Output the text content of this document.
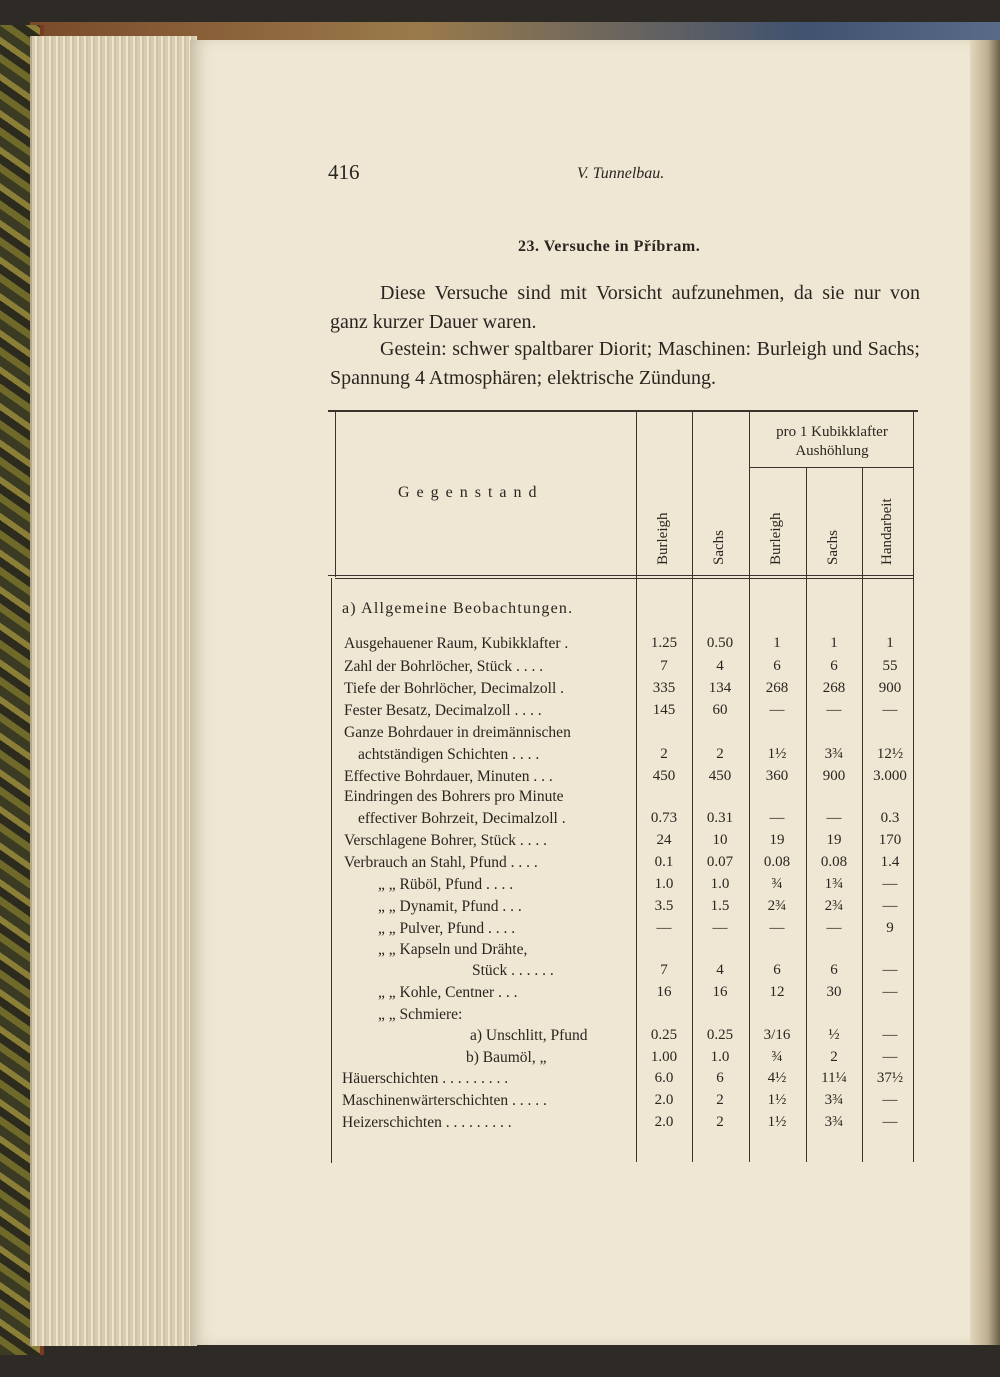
416	V. Tunnelbau.
23. Versuche in Příbram.

Diese Versuche sind mit Vorsicht aufzunehmen, da sie nur von ganz kurzer Dauer waren.

Gestein: schwer spaltbarer Diorit; Maschinen: Burleigh und Sachs; Spannung 4 Atmosphären; elektrische Zündung.

Gegenstand
pro 1 Kubikklafter Aushöhlung
Burleigh	Sachs	Burleigh	Sachs	Handarbeit
a) Allgemeine Beobachtungen.
Ausgehauener Raum, Kubikklafter .	1.25	0.50	1	1	1
Zahl der Bohrlöcher, Stück . . . .	7	4	6	6	55
Tiefe der Bohrlöcher, Decimalzoll .	335	134	268	268	900
Fester Besatz, Decimalzoll . . . .	145	60	—	—	—
Ganze Bohrdauer in dreimännischen
achtständigen Schichten . . . .	2	2	1½	3¾	12½
Effective Bohrdauer, Minuten . . .	450	450	360	900	3.000
Eindringen des Bohrers pro Minute
effectiver Bohrzeit, Decimalzoll .	0.73	0.31	—	—	0.3
Verschlagene Bohrer, Stück . . . .	24	10	19	19	170
Verbrauch an Stahl, Pfund . . . .	0.1	0.07	0.08	0.08	1.4
„ „ Rüböl, Pfund . . . .	1.0	1.0	¾	1¾	—
„ „ Dynamit, Pfund . . .	3.5	1.5	2¾	2¾	—
„ „ Pulver, Pfund . . . .	—	—	—	—	9
„ „ Kapseln und Drähte,
Stück . . . . . .	7	4	6	6	—
„ „ Kohle, Centner . . .	16	16	12	30	—
„ „ Schmiere:
a) Unschlitt, Pfund	0.25	0.25	3/16	½	—
b) Baumöl, „	1.00	1.0	¾	2	—
Häuerschichten . . . . . . . . .	6.0	6	4½	11¼	37½
Maschinenwärterschichten . . . . .	2.0	2	1½	3¾	—
Heizerschichten . . . . . . . . .	2.0	2	1½	3¾	—
